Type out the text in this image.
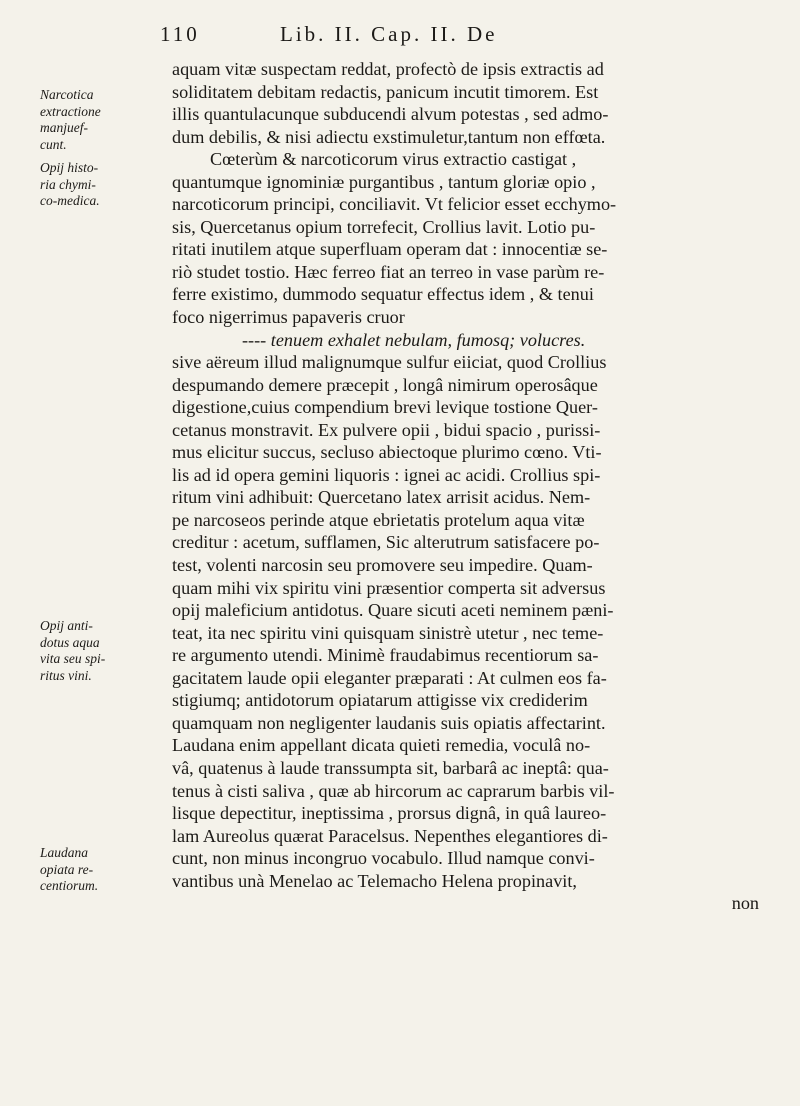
110	Lib. II. Cap. II. De
Narcotica
extractione
manjuef-
cunt.
Opij histo-
ria chymi-
co-medica.
Opij anti-
dotus aqua
vita seu spi-
ritus vini.
Laudana
opiata re-
centiorum.
aquam vitæ suspectam reddat, profectò de ipsis extractis ad
soliditatem debitam redactis, panicum incutit timorem. Est
illis quantulacunque subducendi alvum potestas , sed admo-
dum debilis, & nisi adiectu exstimuletur,tantum non effœta.
Cœterùm & narcoticorum virus extractio castigat ,
quantumque ignominiæ purgantibus , tantum gloriæ opio ,
narcoticorum principi, conciliavit. Vt felicior esset ecchymo-
sis, Quercetanus opium torrefecit, Crollius lavit. Lotio pu-
ritati inutilem atque superfluam operam dat : innocentiæ se-
riò studet tostio. Hæc ferreo fiat an terreo in vase parùm re-
ferre existimo, dummodo sequatur effectus idem , & tenui
foco nigerrimus papaveris cruor
---- tenuem exhalet nebulam, fumosq; volucres.
sive aëreum illud malignumque sulfur eiiciat, quod Crollius
despumando demere præcepit , longâ nimirum operosâque
digestione,cuius compendium brevi levique tostione Quer-
cetanus monstravit. Ex pulvere opii , bidui spacio , purissi-
mus elicitur succus, secluso abiectoque plurimo cœno. Vti-
lis ad id opera gemini liquoris : ignei ac acidi. Crollius spi-
ritum vini adhibuit: Quercetano latex arrisit acidus. Nem-
pe narcoseos perinde atque ebrietatis protelum aqua vitæ
creditur : acetum, sufflamen, Sic alterutrum satisfacere po-
test, volenti narcosin seu promovere seu impedire. Quam-
quam mihi vix spiritu vini præsentior comperta sit adversus
opij maleficium antidotus. Quare sicuti aceti neminem pæni-
teat, ita nec spiritu vini quisquam sinistrè utetur , nec teme-
re argumento utendi. Minimè fraudabimus recentiorum sa-
gacitatem laude opii eleganter præparati : At culmen eos fa-
stigiumq; antidotorum opiatarum attigisse vix crediderim
quamquam non negligenter laudanis suis opiatis affectarint.
Laudana enim appellant dicata quieti remedia, voculâ no-
vâ, quatenus à laude transsumpta sit, barbarâ ac ineptâ: qua-
tenus à cisti saliva , quæ ab hircorum ac caprarum barbis vil-
lisque depectitur, ineptissima , prorsus dignâ, in quâ laureo-
lam Aureolus quærat Paracelsus. Nepenthes elegantiores di-
cunt, non minus incongruo vocabulo. Illud namque convi-
vantibus unà Menelao ac Telemacho Helena propinavit,
non
